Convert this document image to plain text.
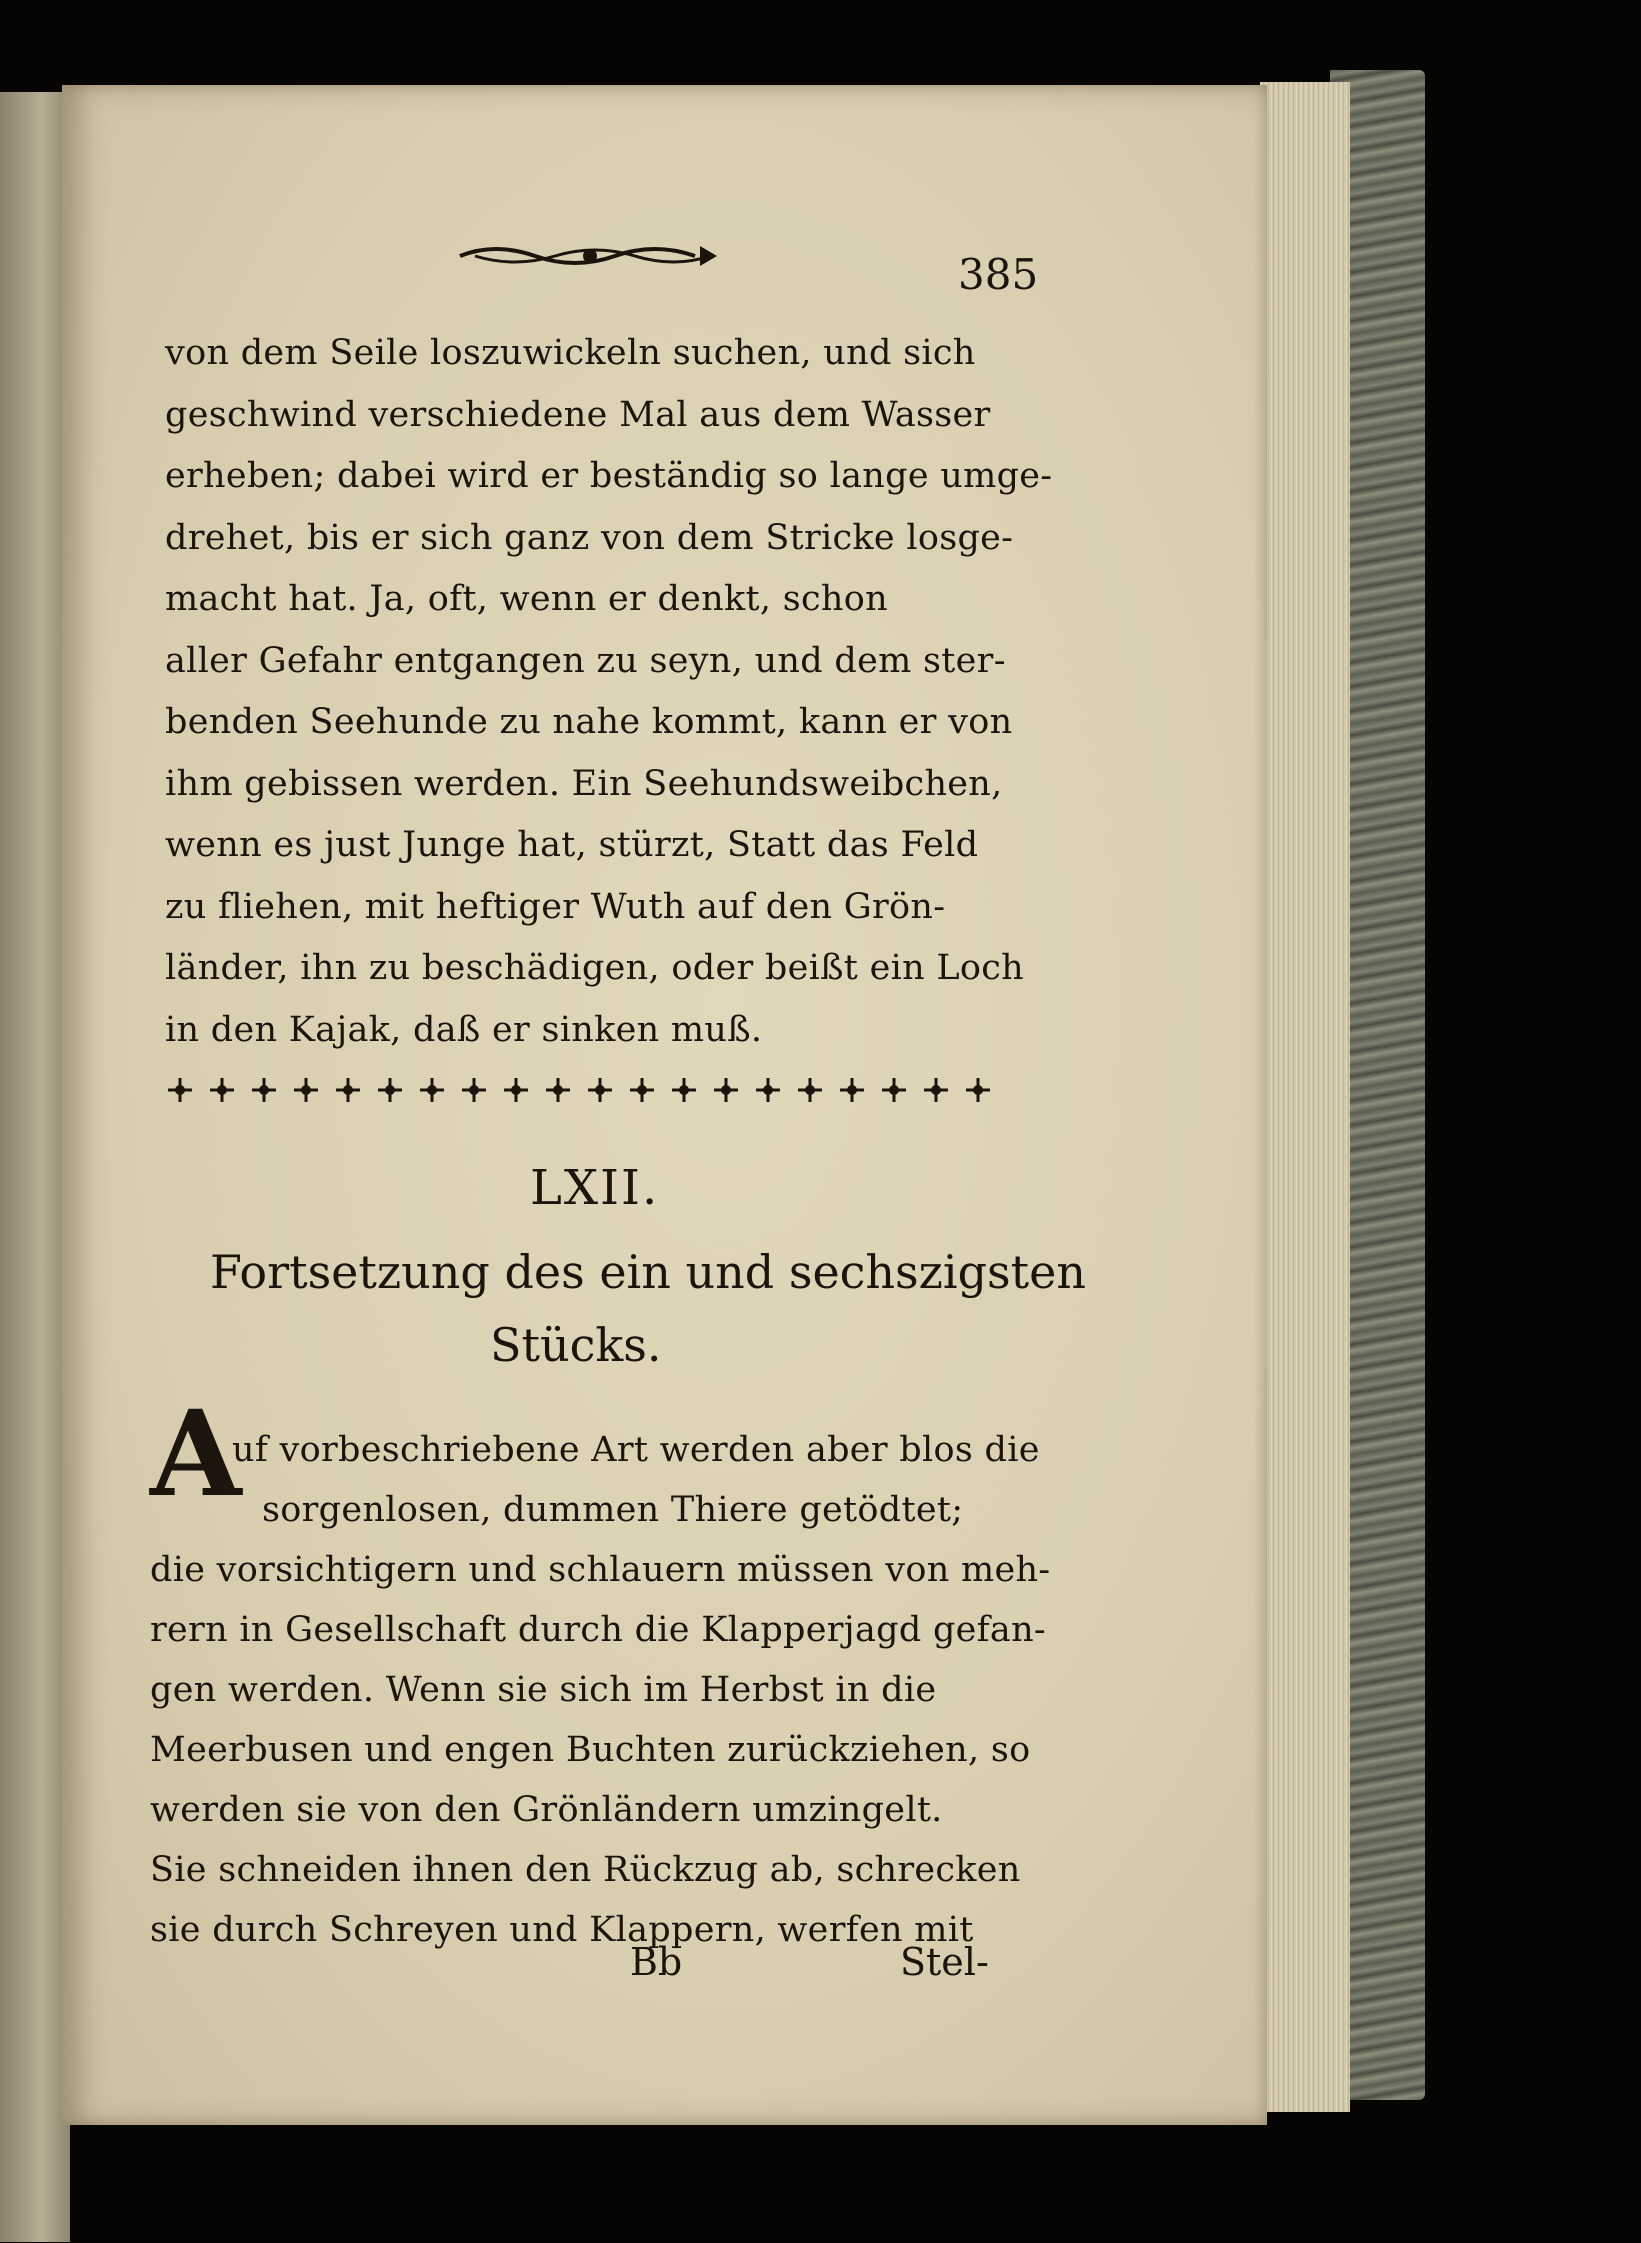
385
von dem Seile loszuwickeln suchen, und sich
geschwind verschiedene Mal aus dem Wasser
erheben; dabei wird er beständig so lange umge-
drehet, bis er sich ganz von dem Stricke losge-
macht hat. Ja, oft, wenn er denkt, schon
aller Gefahr entgangen zu seyn, und dem ster-
benden Seehunde zu nahe kommt, kann er von
ihm gebissen werden. Ein Seehundsweibchen,
wenn es just Junge hat, stürzt, Statt das Feld
zu fliehen, mit heftiger Wuth auf den Grön-
länder, ihn zu beschädigen, oder beißt ein Loch
in den Kajak, daß er sinken muß.
LXII.
Fortsetzung des ein und sechszigsten
Stücks.
A
uf vorbeschriebene Art werden aber blos die
sorgenlosen, dummen Thiere getödtet;
die vorsichtigern und schlauern müssen von meh-
rern in Gesellschaft durch die Klapperjagd gefan-
gen werden. Wenn sie sich im Herbst in die
Meerbusen und engen Buchten zurückziehen, so
werden sie von den Grönländern umzingelt.
Sie schneiden ihnen den Rückzug ab, schrecken
sie durch Schreyen und Klappern, werfen mit
Bb	Stel-
